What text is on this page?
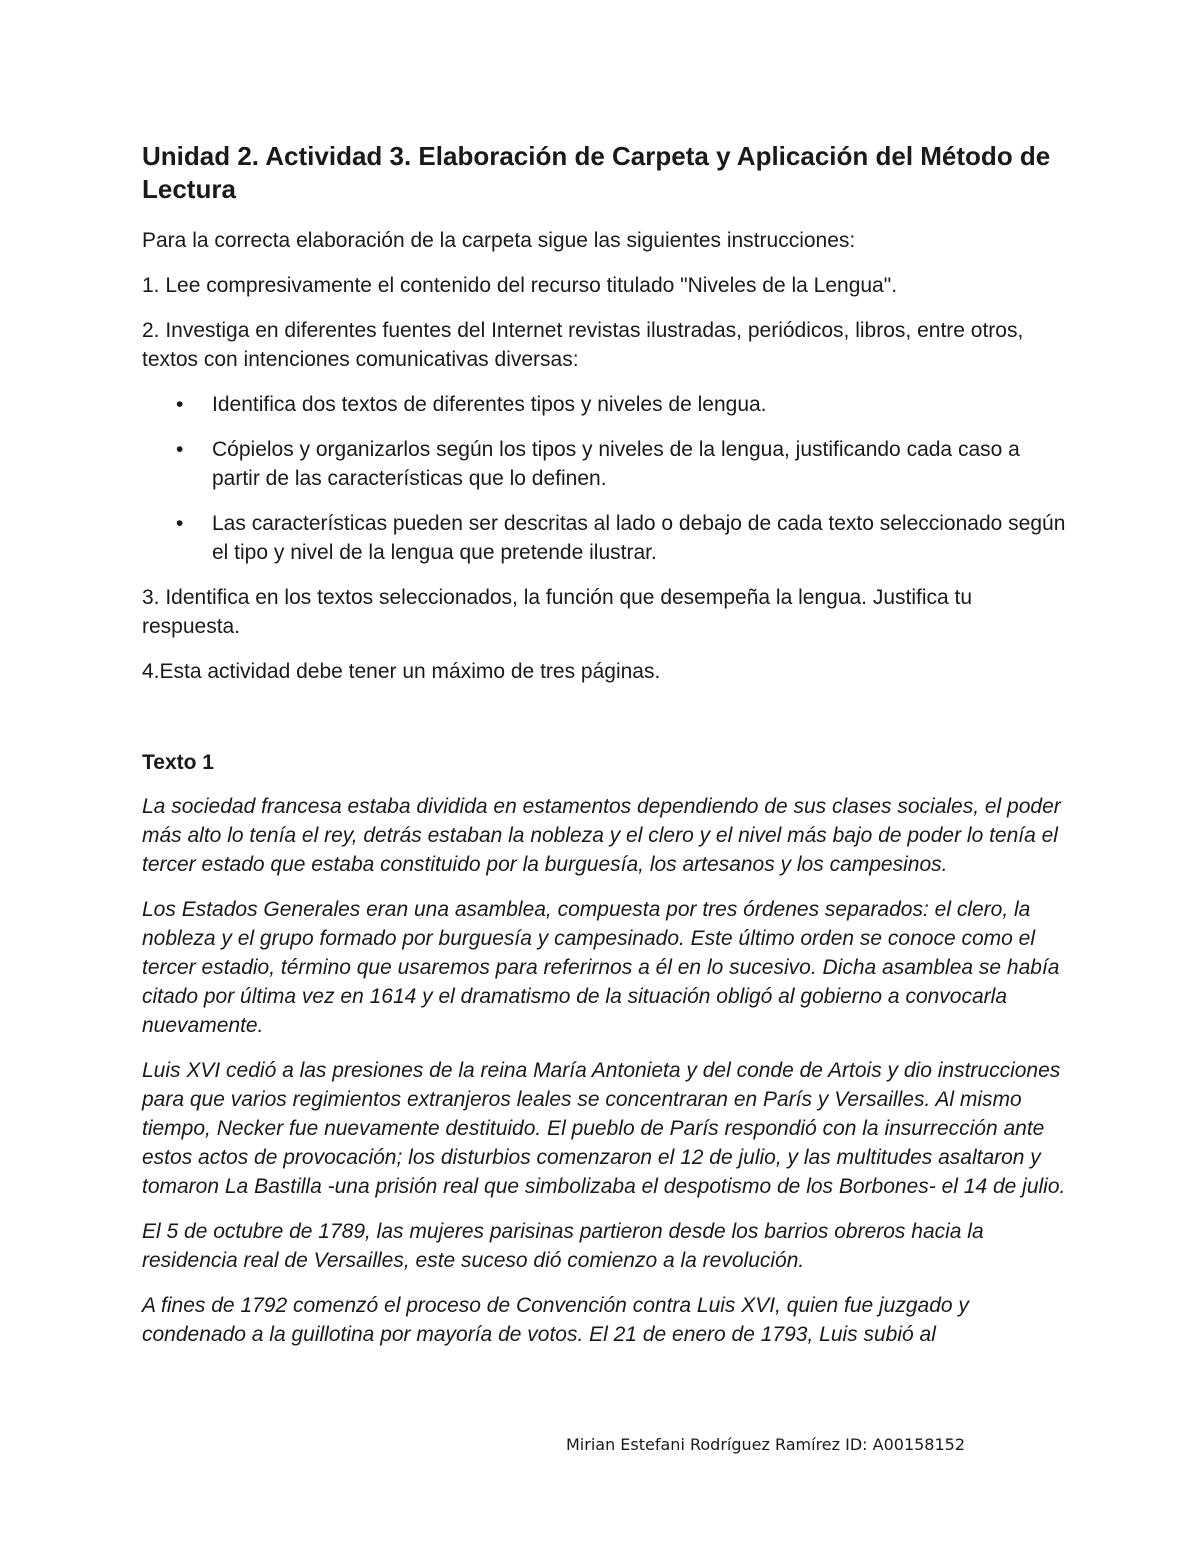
Unidad 2. Actividad 3. Elaboración de Carpeta y Aplicación del Método de Lectura

Para la correcta elaboración de la carpeta sigue las siguientes instrucciones:

1. Lee compresivamente el contenido del recurso titulado "Niveles de la Lengua".

2. Investiga en diferentes fuentes del Internet revistas ilustradas, periódicos, libros, entre otros, textos con intenciones comunicativas diversas:

• Identifica dos textos de diferentes tipos y niveles de lengua.
• Cópielos y organizarlos según los tipos y niveles de la lengua, justificando cada caso a partir de las características que lo definen.
• Las características pueden ser descritas al lado o debajo de cada texto seleccionado según el tipo y nivel de la lengua que pretende ilustrar.

3. Identifica en los textos seleccionados, la función que desempeña la lengua. Justifica tu respuesta.

4.Esta actividad debe tener un máximo de tres páginas.

Texto 1

La sociedad francesa estaba dividida en estamentos dependiendo de sus clases sociales, el poder más alto lo tenía el rey, detrás estaban la nobleza y el clero y el nivel más bajo de poder lo tenía el tercer estado que estaba constituido por la burguesía, los artesanos y los campesinos.

Los Estados Generales eran una asamblea, compuesta por tres órdenes separados: el clero, la nobleza y el grupo formado por burguesía y campesinado. Este último orden se conoce como el tercer estadio, término que usaremos para referirnos a él en lo sucesivo. Dicha asamblea se había citado por última vez en 1614 y el dramatismo de la situación obligó al gobierno a convocarla nuevamente.

Luis XVI cedió a las presiones de la reina María Antonieta y del conde de Artois y dio instrucciones para que varios regimientos extranjeros leales se concentraran en París y Versailles. Al mismo tiempo, Necker fue nuevamente destituido. El pueblo de París respondió con la insurrección ante estos actos de provocación; los disturbios comenzaron el 12 de julio, y las multitudes asaltaron y tomaron La Bastilla -una prisión real que simbolizaba el despotismo de los Borbones- el 14 de julio.

El 5 de octubre de 1789, las mujeres parisinas partieron desde los barrios obreros hacia la residencia real de Versailles, este suceso dió comienzo a la revolución.

A fines de 1792 comenzó el proceso de Convención contra Luis XVI, quien fue juzgado y condenado a la guillotina por mayoría de votos. El 21 de enero de 1793, Luis subió al

Mirian Estefani Rodríguez Ramírez ID: A00158152
